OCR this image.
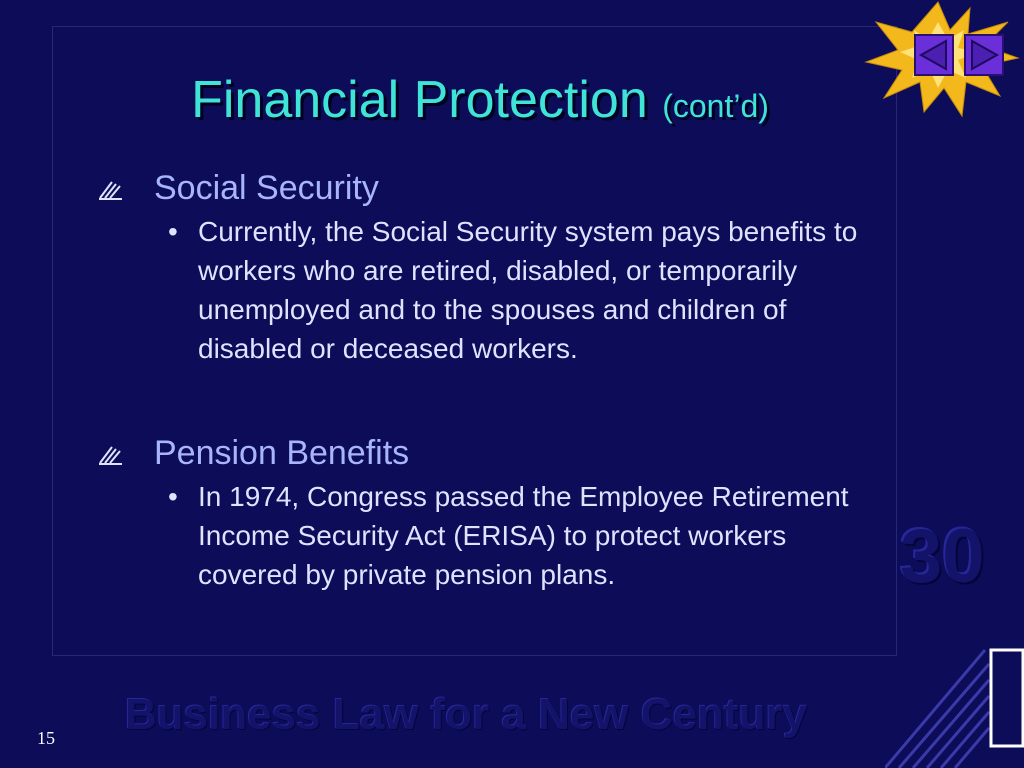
Financial Protection (cont’d)
Social Security
• Currently, the Social Security system pays benefits to workers who are retired, disabled, or temporarily unemployed and to the spouses and children of disabled or deceased workers.

Pension Benefits
• In 1974, Congress passed the Employee Retirement Income Security Act (ERISA) to protect workers covered by private pension plans.	30
Business Law for a New Century
15
